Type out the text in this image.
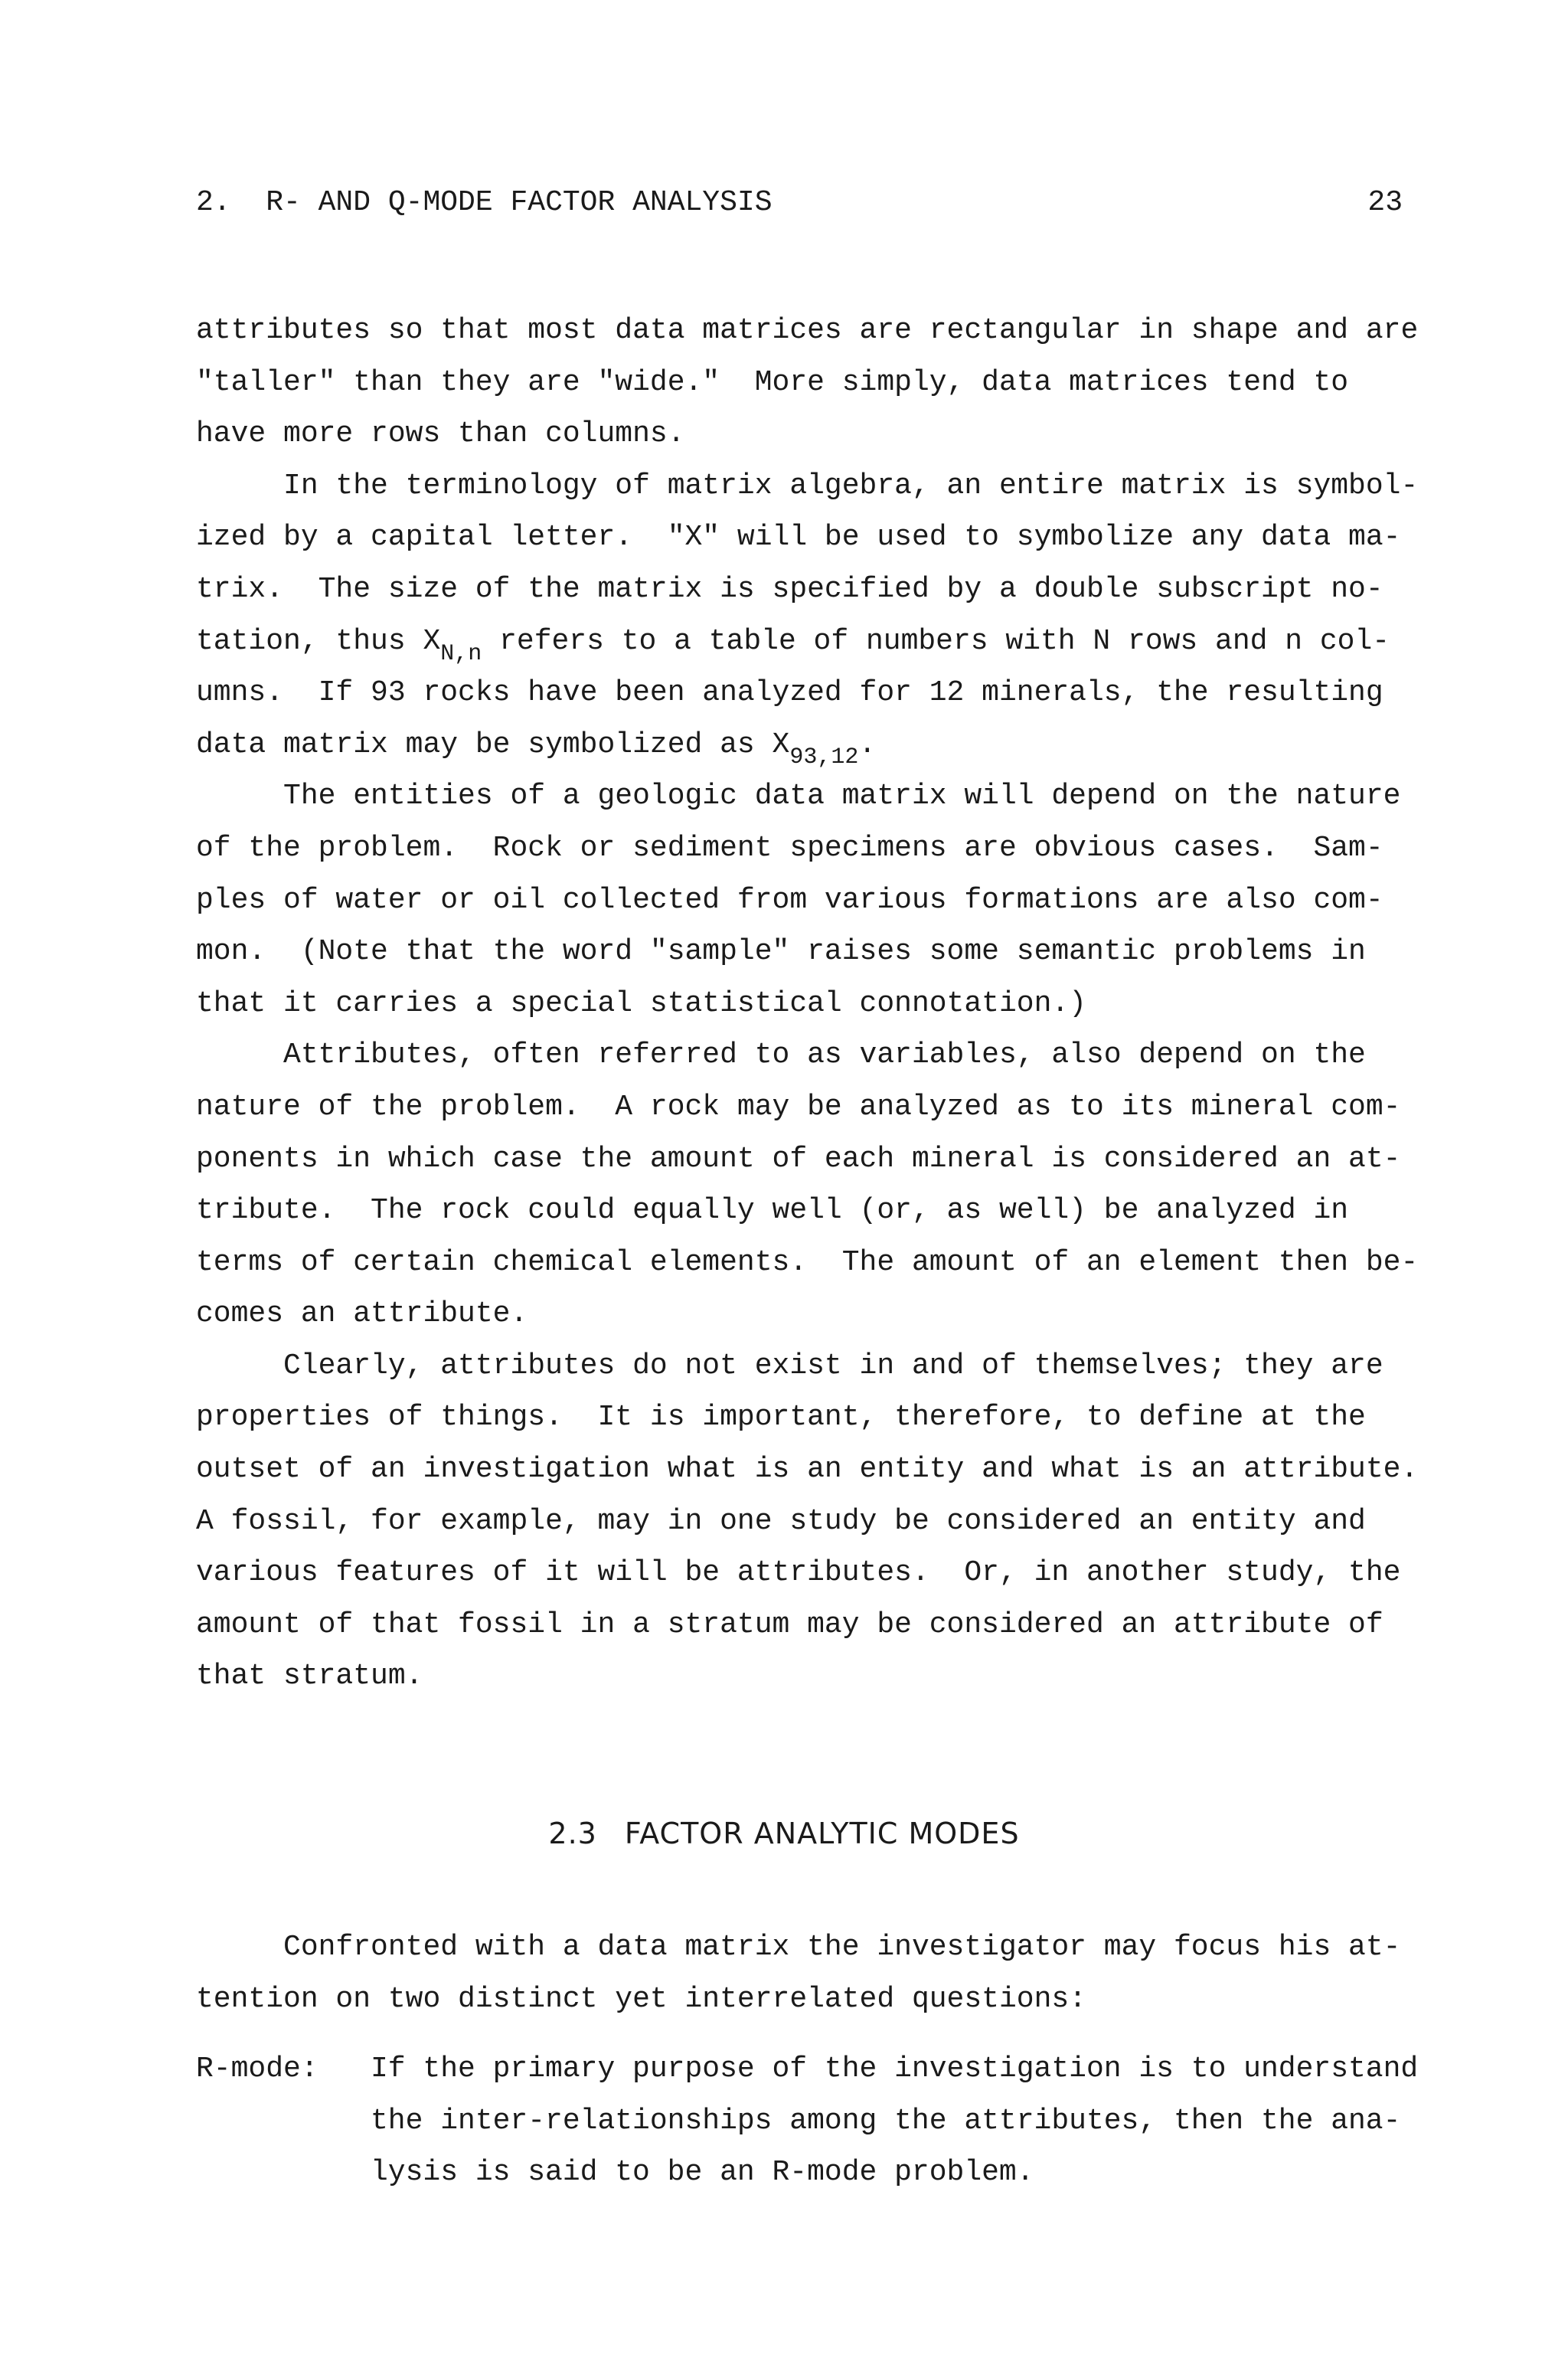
2.  R- AND Q-MODE FACTOR ANALYSIS	23
attributes so that most data matrices are rectangular in shape and are
"taller" than they are "wide."  More simply, data matrices tend to
have more rows than columns.
In the terminology of matrix algebra, an entire matrix is symbol-
ized by a capital letter.  "X" will be used to symbolize any data ma-
trix.  The size of the matrix is specified by a double subscript no-
tation, thus $X_{N,n}$ refers to a table of numbers with N rows and n col-
umns.  If 93 rocks have been analyzed for 12 minerals, the resulting
data matrix may be symbolized as $X_{93,12}$.
The entities of a geologic data matrix will depend on the nature
of the problem.  Rock or sediment specimens are obvious cases.  Sam-
ples of water or oil collected from various formations are also com-
mon.  (Note that the word "sample" raises some semantic problems in
that it carries a special statistical connotation.)
Attributes, often referred to as variables, also depend on the
nature of the problem.  A rock may be analyzed as to its mineral com-
ponents in which case the amount of each mineral is considered an at-
tribute.  The rock could equally well (or, as well) be analyzed in
terms of certain chemical elements.  The amount of an element then be-
comes an attribute.
Clearly, attributes do not exist in and of themselves; they are
properties of things.  It is important, therefore, to define at the
outset of an investigation what is an entity and what is an attribute.
A fossil, for example, may in one study be considered an entity and
various features of it will be attributes.  Or, in another study, the
amount of that fossil in a stratum may be considered an attribute of
that stratum.
2.3 FACTOR ANALYTIC MODES
Confronted with a data matrix the investigator may focus his at-
tention on two distinct yet interrelated questions:
R-mode: If the primary purpose of the investigation is to understand
the inter-relationships among the attributes, then the ana-
lysis is said to be an R-mode problem.
